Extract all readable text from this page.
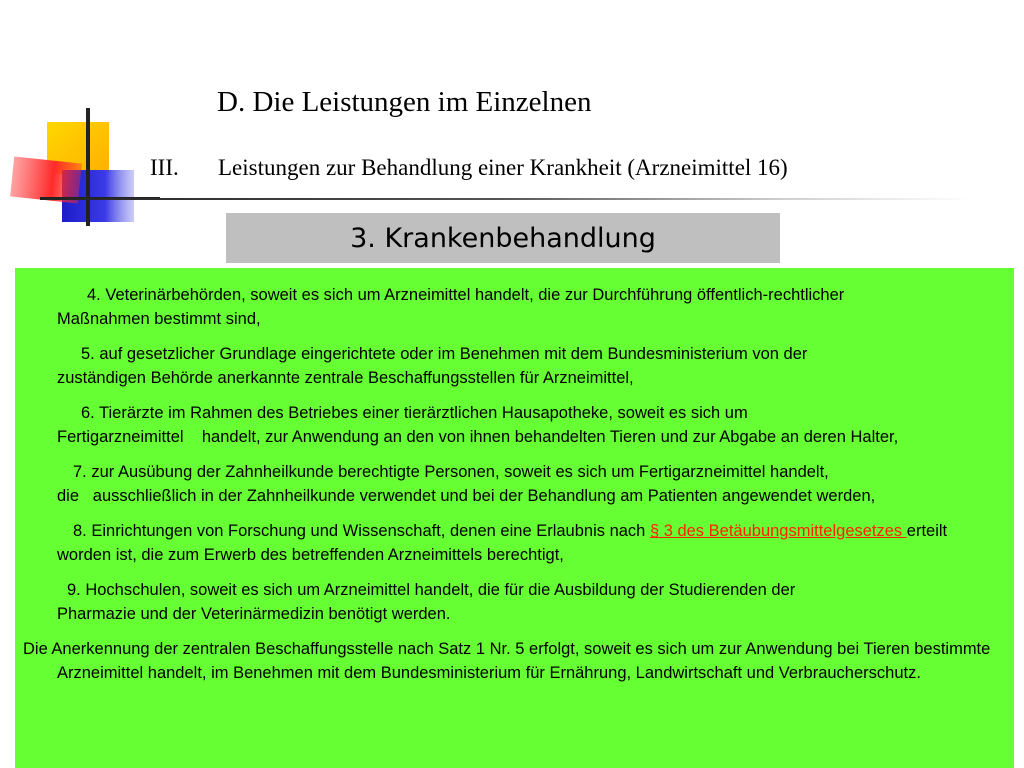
D. Die Leistungen im Einzelnen
III. Leistungen zur Behandlung einer Krankheit (Arzneimittel 16)
3. Krankenbehandlung
4. Veterinärbehörden, soweit es sich um Arzneimittel handelt, die zur Durchführung öffentlich-rechtlicher
Maßnahmen bestimmt sind,
5. auf gesetzlicher Grundlage eingerichtete oder im Benehmen mit dem Bundesministerium von der
zuständigen Behörde anerkannte zentrale Beschaffungsstellen für Arzneimittel,
6. Tierärzte im Rahmen des Betriebes einer tierärztlichen Hausapotheke, soweit es sich um
Fertigarzneimittel    handelt, zur Anwendung an den von ihnen behandelten Tieren und zur Abgabe an deren Halter,
7. zur Ausübung der Zahnheilkunde berechtigte Personen, soweit es sich um Fertigarzneimittel handelt,
die   ausschließlich in der Zahnheilkunde verwendet und bei der Behandlung am Patienten angewendet werden,
8. Einrichtungen von Forschung und Wissenschaft, denen eine Erlaubnis nach § 3 des Betäubungsmittelgesetzes erteilt worden ist, die zum Erwerb des betreffenden Arzneimittels berechtigt,
9. Hochschulen, soweit es sich um Arzneimittel handelt, die für die Ausbildung der Studierenden der
Pharmazie und der Veterinärmedizin benötigt werden.
Die Anerkennung der zentralen Beschaffungsstelle nach Satz 1 Nr. 5 erfolgt, soweit es sich um zur Anwendung bei Tieren bestimmte Arzneimittel handelt, im Benehmen mit dem Bundesministerium für Ernährung, Landwirtschaft und Verbraucherschutz.
